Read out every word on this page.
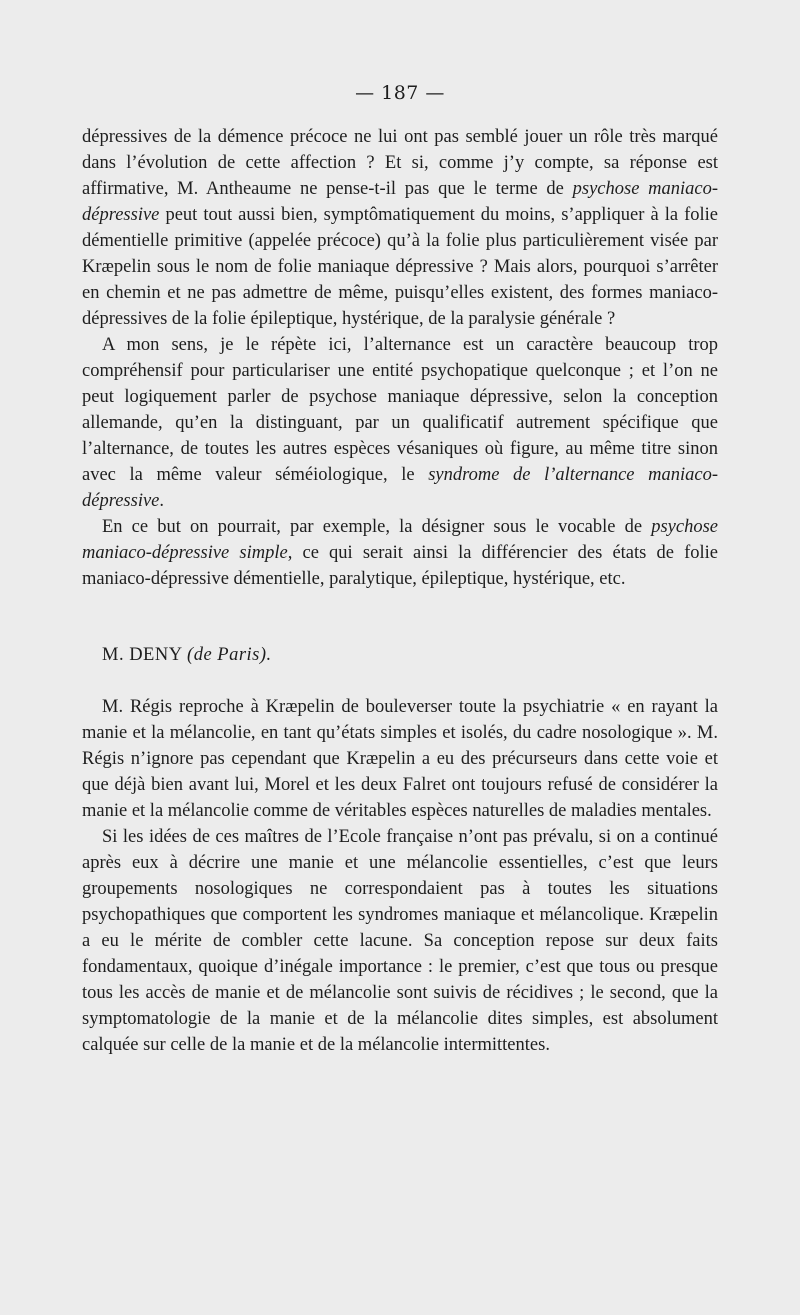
— 187 —

dépressives de la démence précoce ne lui ont pas semblé jouer un rôle très marqué dans l’évolution de cette affection ? Et si, comme j’y compte, sa réponse est affirmative, M. Antheaume ne pense-t-il pas que le terme de psychose maniaco-dépressive peut tout aussi bien, symptômatiquement du moins, s’appliquer à la folie démentielle primitive (appelée précoce) qu’à la folie plus particulièrement visée par Kræpelin sous le nom de folie maniaque dépressive ? Mais alors, pourquoi s’arrêter en chemin et ne pas admettre de même, puisqu’elles existent, des formes maniaco-dépressives de la folie épileptique, hystérique, de la paralysie générale ?

A mon sens, je le répète ici, l’alternance est un caractère beaucoup trop compréhensif pour particulariser une entité psychopatique quelconque ; et l’on ne peut logiquement parler de psychose maniaque dépressive, selon la conception allemande, qu’en la distinguant, par un qualificatif autrement spécifique que l’alternance, de toutes les autres espèces vésaniques où figure, au même titre sinon avec la même valeur séméiologique, le syndrome de l’alternance maniaco-dépressive.

En ce but on pourrait, par exemple, la désigner sous le vocable de psychose maniaco-dépressive simple, ce qui serait ainsi la différencier des états de folie maniaco-dépressive démentielle, paralytique, épileptique, hystérique, etc.

M. DENY (de Paris).

M. Régis reproche à Kræpelin de bouleverser toute la psychiatrie « en rayant la manie et la mélancolie, en tant qu’états simples et isolés, du cadre nosologique ». M. Régis n’ignore pas cependant que Kræpelin a eu des précurseurs dans cette voie et que déjà bien avant lui, Morel et les deux Falret ont toujours refusé de considérer la manie et la mélancolie comme de véritables espèces naturelles de maladies mentales.

Si les idées de ces maîtres de l’Ecole française n’ont pas prévalu, si on a continué après eux à décrire une manie et une mélancolie essentielles, c’est que leurs groupements nosologiques ne correspondaient pas à toutes les situations psychopathiques que comportent les syndromes maniaque et mélancolique. Kræpelin a eu le mérite de combler cette lacune. Sa conception repose sur deux faits fondamentaux, quoique d’inégale importance : le premier, c’est que tous ou presque tous les accès de manie et de mélancolie sont suivis de récidives ; le second, que la symptomatologie de la manie et de la mélancolie dites simples, est absolument calquée sur celle de la manie et de la mélancolie intermittentes.
